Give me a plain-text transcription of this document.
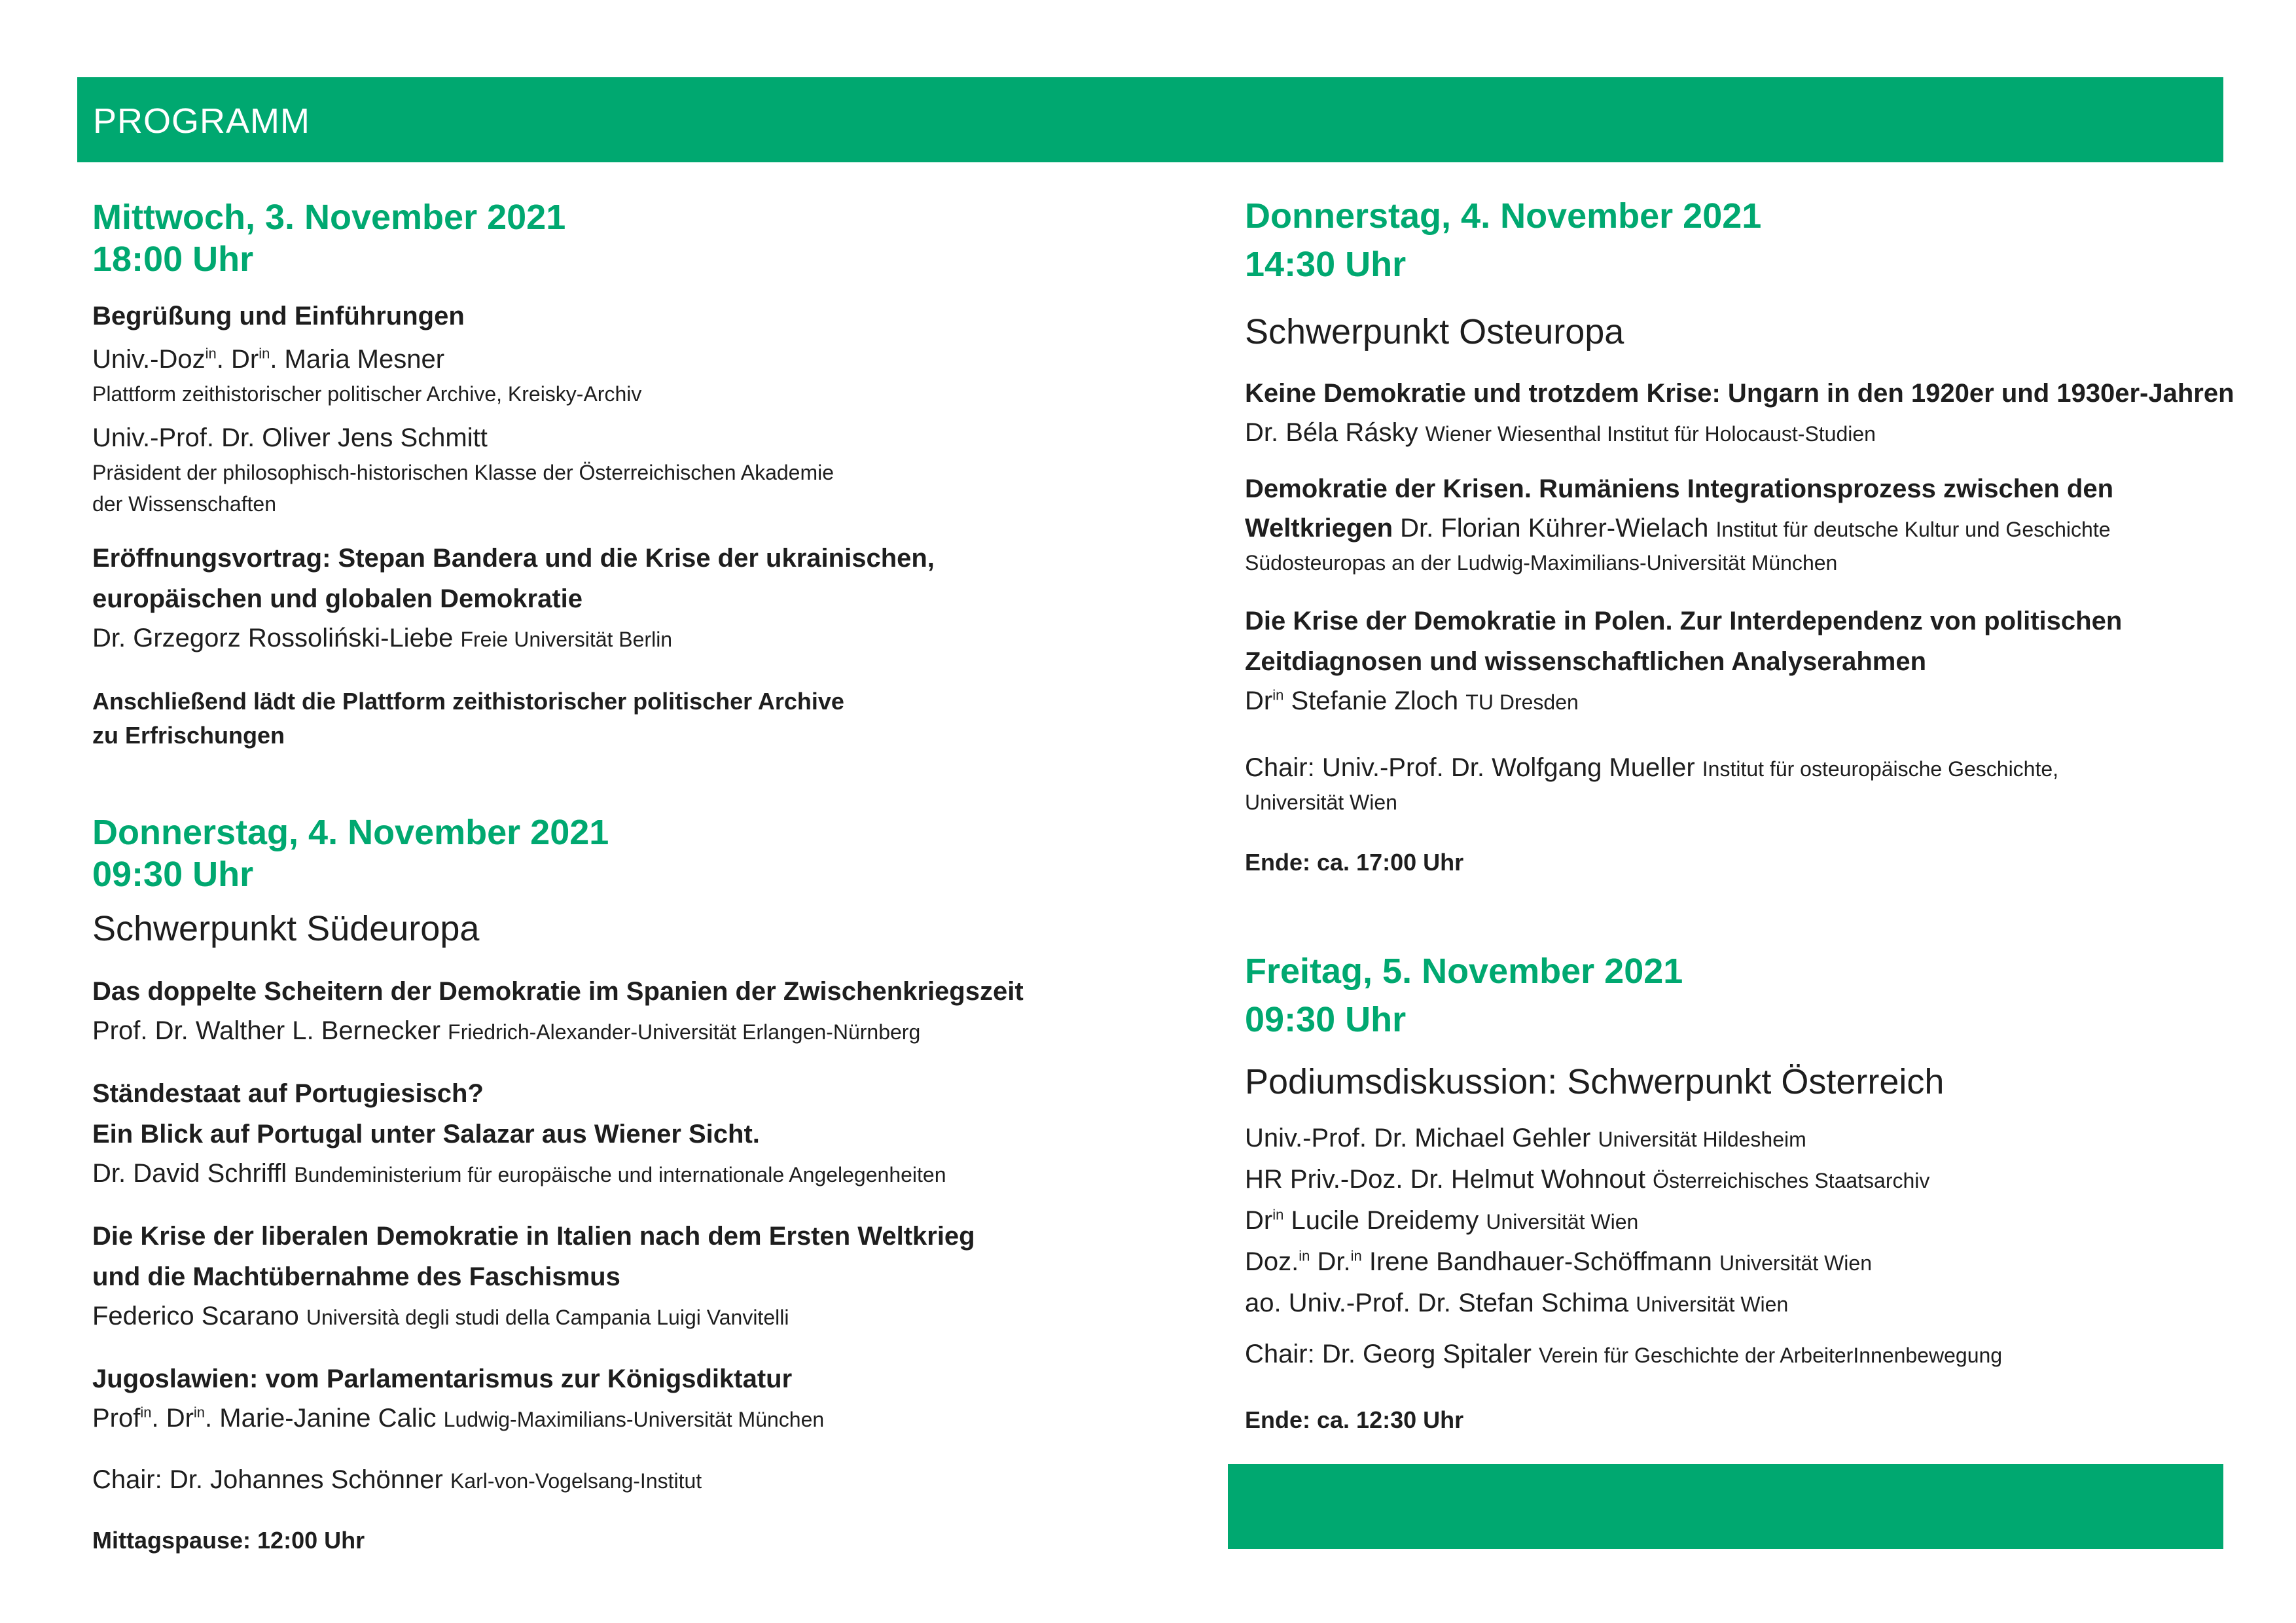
PROGRAMM
Mittwoch, 3. November 2021
18:00 Uhr
Begrüßung und Einführungen
Univ.-Doz$^{in}$. $Dr^{in}$. Maria Mesner
Plattform zeithistorischer politischer Archive, Kreisky-Archiv
Univ.-Prof. Dr. Oliver Jens Schmitt
Präsident der philosophisch-historischen Klasse der Österreichischen Akademie
der Wissenschaften
Eröffnungsvortrag: Stepan Bandera und die Krise der ukrainischen,
europäischen und globalen Demokratie
Dr. Grzegorz Rossoliński-Liebe Freie Universität Berlin
Anschließend lädt die Plattform zeithistorischer politischer Archive
zu Erfrischungen
Donnerstag, 4. November 2021
09:30 Uhr
Schwerpunkt Südeuropa
Das doppelte Scheitern der Demokratie im Spanien der Zwischenkriegszeit
Prof. Dr. Walther L. Bernecker Friedrich-Alexander-Universität Erlangen-Nürnberg
Ständestaat auf Portugiesisch?
Ein Blick auf Portugal unter Salazar aus Wiener Sicht.
Dr. David Schriffl Bundeministerium für europäische und internationale Angelegenheiten
Die Krise der liberalen Demokratie in Italien nach dem Ersten Weltkrieg
und die Machtübernahme des Faschismus
Federico Scarano Università degli studi della Campania Luigi Vanvitelli
Jugoslawien: vom Parlamentarismus zur Königsdiktatur
Prof$^{in}$. $Dr^{in}$. Marie-Janine Calic Ludwig-Maximilians-Universität München
Chair: Dr. Johannes Schönner Karl-von-Vogelsang-Institut
Mittagspause: 12:00 Uhr
Donnerstag, 4. November 2021
14:30 Uhr
Schwerpunkt Osteuropa
Keine Demokratie und trotzdem Krise: Ungarn in den 1920er und 1930er-Jahren
Dr. Béla Rásky Wiener Wiesenthal Institut für Holocaust-Studien
Demokratie der Krisen. Rumäniens Integrationsprozess zwischen den
Weltkriegen Dr. Florian Kührer-Wielach Institut für deutsche Kultur und Geschichte
Südosteuropas an der Ludwig-Maximilians-Universität München
Die Krise der Demokratie in Polen. Zur Interdependenz von politischen
Zeitdiagnosen und wissenschaftlichen Analyserahmen
$Dr^{in}$ Stefanie Zloch TU Dresden
Chair: Univ.-Prof. Dr. Wolfgang Mueller Institut für osteuropäische Geschichte,
Universität Wien
Ende: ca. 17:00 Uhr
Freitag, 5. November 2021
09:30 Uhr
Podiumsdiskussion: Schwerpunkt Österreich
Univ.-Prof. Dr. Michael Gehler Universität Hildesheim
HR Priv.-Doz. Dr. Helmut Wohnout Österreichisches Staatsarchiv
$Dr^{in}$ Lucile Dreidemy Universität Wien
Doz.$^{in}$ Dr.$^{in}$ Irene Bandhauer-Schöffmann Universität Wien
ao. Univ.-Prof. Dr. Stefan Schima Universität Wien
Chair: Dr. Georg Spitaler Verein für Geschichte der ArbeiterInnenbewegung
Ende: ca. 12:30 Uhr
